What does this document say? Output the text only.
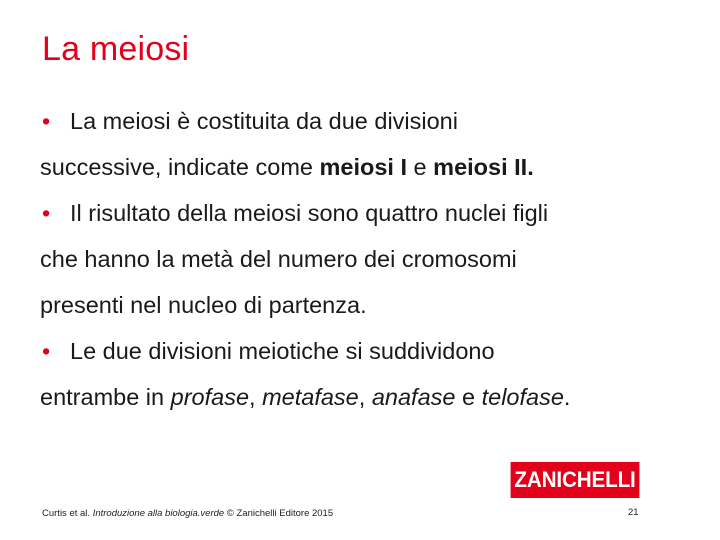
La meiosi
• La meiosi è costituita da due divisioni
successive, indicate come meiosi I e meiosi II.
• Il risultato della meiosi sono quattro nuclei figli
che hanno la metà del numero dei cromosomi
presenti nel nucleo di partenza.
• Le due divisioni meiotiche si suddividono
entrambe in profase, metafase, anafase e telofase.
ZANICHELLI
Curtis et al. Introduzione alla biologia.verde © Zanichelli Editore 2015	21
